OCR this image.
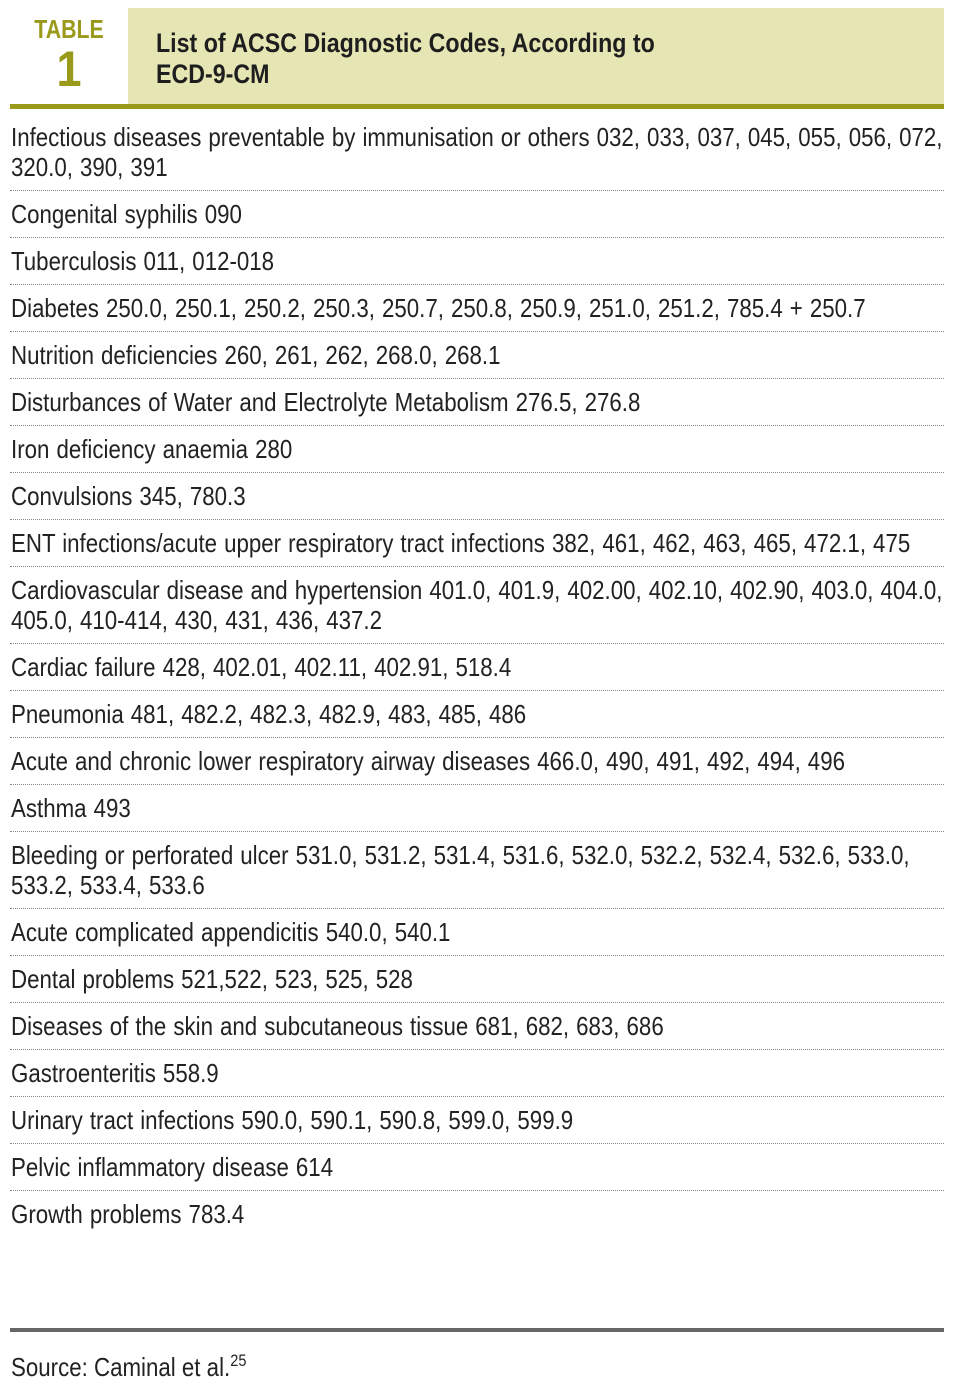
TABLE
1	List of ACSC Diagnostic Codes, According to ECD-9-CM
Infectious diseases preventable by immunisation or others 032, 033, 037, 045, 055, 056, 072, 320.0, 390, 391
Congenital syphilis 090
Tuberculosis 011, 012-018
Diabetes 250.0, 250.1, 250.2, 250.3, 250.7, 250.8, 250.9, 251.0, 251.2, 785.4 + 250.7
Nutrition deficiencies 260, 261, 262, 268.0, 268.1
Disturbances of Water and Electrolyte Metabolism 276.5, 276.8
Iron deficiency anaemia 280
Convulsions 345, 780.3
ENT infections/acute upper respiratory tract infections 382, 461, 462, 463, 465, 472.1, 475
Cardiovascular disease and hypertension 401.0, 401.9, 402.00, 402.10, 402.90, 403.0, 404.0, 405.0, 410-414, 430, 431, 436, 437.2
Cardiac failure 428, 402.01, 402.11, 402.91, 518.4
Pneumonia 481, 482.2, 482.3, 482.9, 483, 485, 486
Acute and chronic lower respiratory airway diseases 466.0, 490, 491, 492, 494, 496
Asthma 493
Bleeding or perforated ulcer 531.0, 531.2, 531.4, 531.6, 532.0, 532.2, 532.4, 532.6, 533.0, 533.2, 533.4, 533.6
Acute complicated appendicitis 540.0, 540.1
Dental problems 521,522, 523, 525, 528
Diseases of the skin and subcutaneous tissue 681, 682, 683, 686
Gastroenteritis 558.9
Urinary tract infections 590.0, 590.1, 590.8, 599.0, 599.9
Pelvic inflammatory disease 614
Growth problems 783.4
Source: Caminal et al.$^{25}$
